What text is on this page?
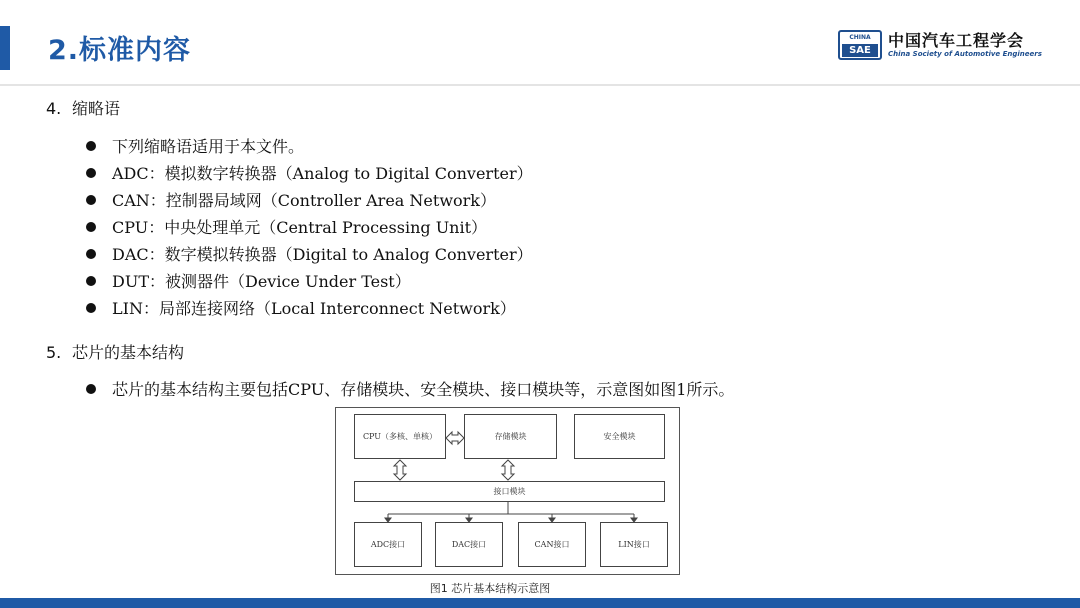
2.标准内容	CHINA
SAE
中国汽车工程学会
China Society of Automotive Engineers
4. 缩略语
下列缩略语适用于本文件。
ADC：模拟数字转换器（Analog to Digital Converter）
CAN：控制器局域网（Controller Area Network）
CPU：中央处理单元（Central Processing Unit）
DAC：数字模拟转换器（Digital to Analog Converter）
DUT：被测器件（Device Under Test）
LIN：局部连接网络（Local Interconnect Network）
5. 芯片的基本结构
芯片的基本结构主要包括CPU、存储模块、安全模块、接口模块等，示意图如图1所示。
CPU（多核、单核）	存储模块	安全模块
接口模块
ADC接口	DAC接口	CAN接口	LIN接口
图1 芯片基本结构示意图
